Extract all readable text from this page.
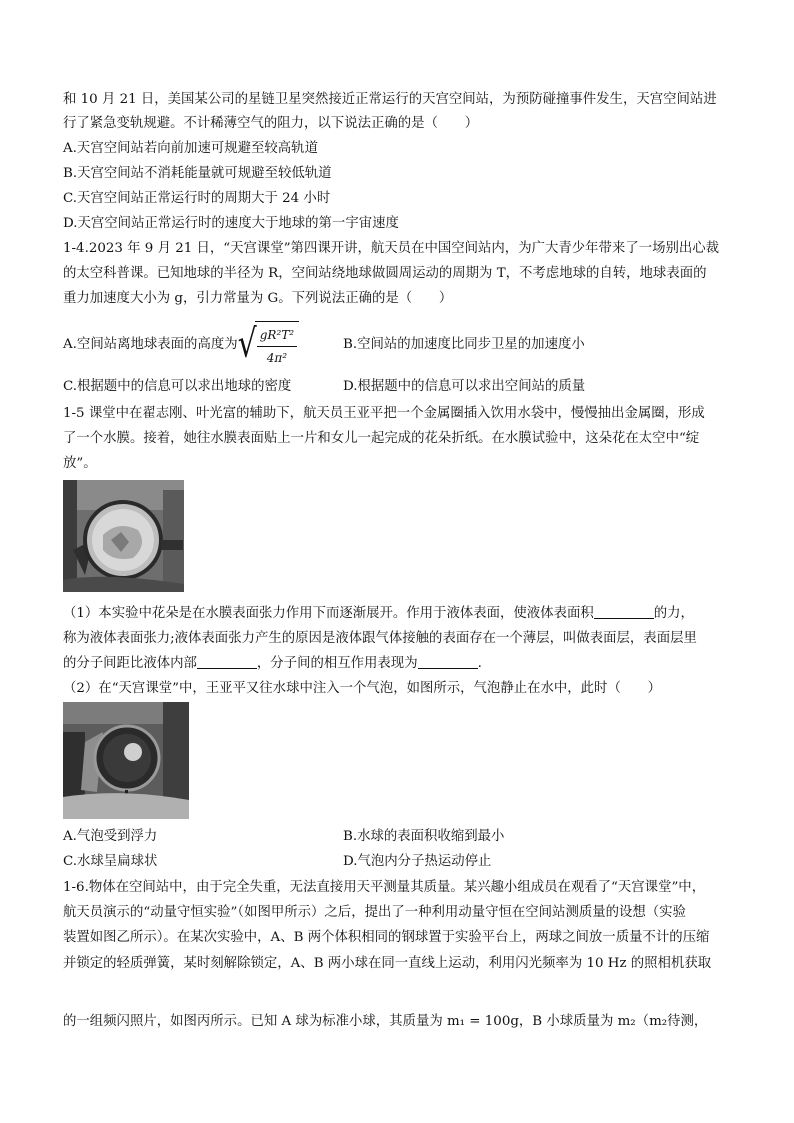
和 10 月 21 日，美国某公司的星链卫星突然接近正常运行的天宫空间站，为预防碰撞事件发生，天宫空间站进
行了紧急变轨规避。不计稀薄空气的阻力，以下说法正确的是（　　）
A.天宫空间站若向前加速可规避至较高轨道
B.天宫空间站不消耗能量就可规避至较低轨道
C.天宫空间站正常运行时的周期大于 24 小时
D.天宫空间站正常运行时的速度大于地球的第一宇宙速度
1-4.2023 年 9 月 21 日，“天宫课堂”第四课开讲，航天员在中国空间站内，为广大青少年带来了一场别出心裁
的太空科普课。已知地球的半径为 R，空间站绕地球做圆周运动的周期为 T，不考虑地球的自转，地球表面的
重力加速度大小为 g，引力常量为 G。下列说法正确的是（　　）
A.空间站离地球表面的高度为 √ $\frac{\text{gR²T²}}{\text{4π²}}$	B.空间站的加速度比同步卫星的加速度小
C.根据题中的信息可以求出地球的密度	D.根据题中的信息可以求出空间站的质量
1-5 课堂中在翟志刚、叶光富的辅助下，航天员王亚平把一个金属圈插入饮用水袋中，慢慢抽出金属圈，形成
了一个水膜。接着，她往水膜表面贴上一片和女儿一起完成的花朵折纸。在水膜试验中，这朵花在太空中“绽
放”。
（1）本实验中花朵是在水膜表面张力作用下而逐渐展开。作用于液体表面，使液体表面积	的力，
称为液体表面张力;液体表面张力产生的原因是液体跟气体接触的表面存在一个薄层，叫做表面层，表面层里
的分子间距比液体内部	，分子间的相互作用表现为	.
（2）在“天宫课堂”中，王亚平又往水球中注入一个气泡，如图所示，气泡静止在水中，此时（　　）
A.气泡受到浮力	B.水球的表面积收缩到最小
C.水球呈扁球状	D.气泡内分子热运动停止
1-6.物体在空间站中，由于完全失重，无法直接用天平测量其质量。某兴趣小组成员在观看了“天宫课堂”中，
航天员演示的“动量守恒实验”（如图甲所示）之后，提出了一种利用动量守恒在空间站测质量的设想（实验
装置如图乙所示）。在某次实验中，A、B 两个体积相同的钢球置于实验平台上，两球之间放一质量不计的压缩
并锁定的轻质弹簧，某时刻解除锁定，A、B 两小球在同一直线上运动，利用闪光频率为 10 Hz 的照相机获取
的一组频闪照片，如图丙所示。已知 A 球为标准小球，其质量为 m₁ = 100g，B 小球质量为 m₂（m₂待测，
